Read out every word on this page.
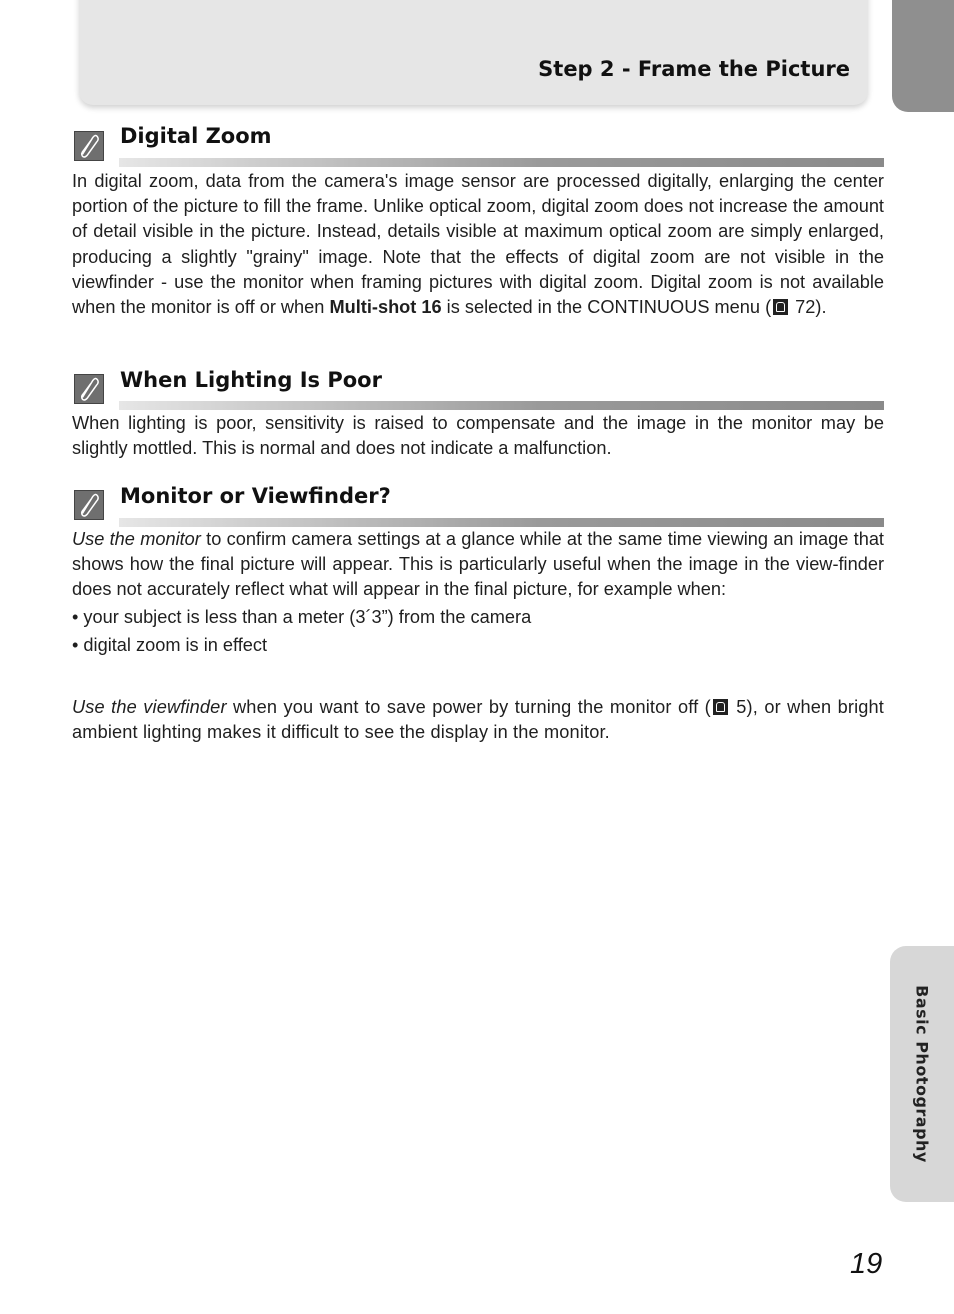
Step 2 - Frame the Picture
Digital Zoom
In digital zoom, data from the camera's image sensor are processed digitally, enlarging the center portion of the picture to fill the frame. Unlike optical zoom, digital zoom does not increase the amount of detail visible in the picture. Instead, details visible at maximum optical zoom are simply enlarged, producing a slightly "grainy" image. Note that the effects of digital zoom are not visible in the viewfinder - use the monitor when framing pictures with digital zoom. Digital zoom is not available when the monitor is off or when Multi-shot 16 is selected in the CONTINUOUS menu ( 72).
When Lighting Is Poor
When lighting is poor, sensitivity is raised to compensate and the image in the monitor may be slightly mottled. This is normal and does not indicate a malfunction.
Monitor or Viewfinder?
Use the monitor to confirm camera settings at a glance while at the same time viewing an image that shows how the final picture will appear. This is particularly useful when the image in the view-finder does not accurately reflect what will appear in the final picture, for example when:
• your subject is less than a meter (3´3”) from the camera
• digital zoom is in effect
Use the viewfinder when you want to save power by turning the monitor off ( 5), or when bright ambient lighting makes it difficult to see the display in the monitor.
Basic Photography
19
